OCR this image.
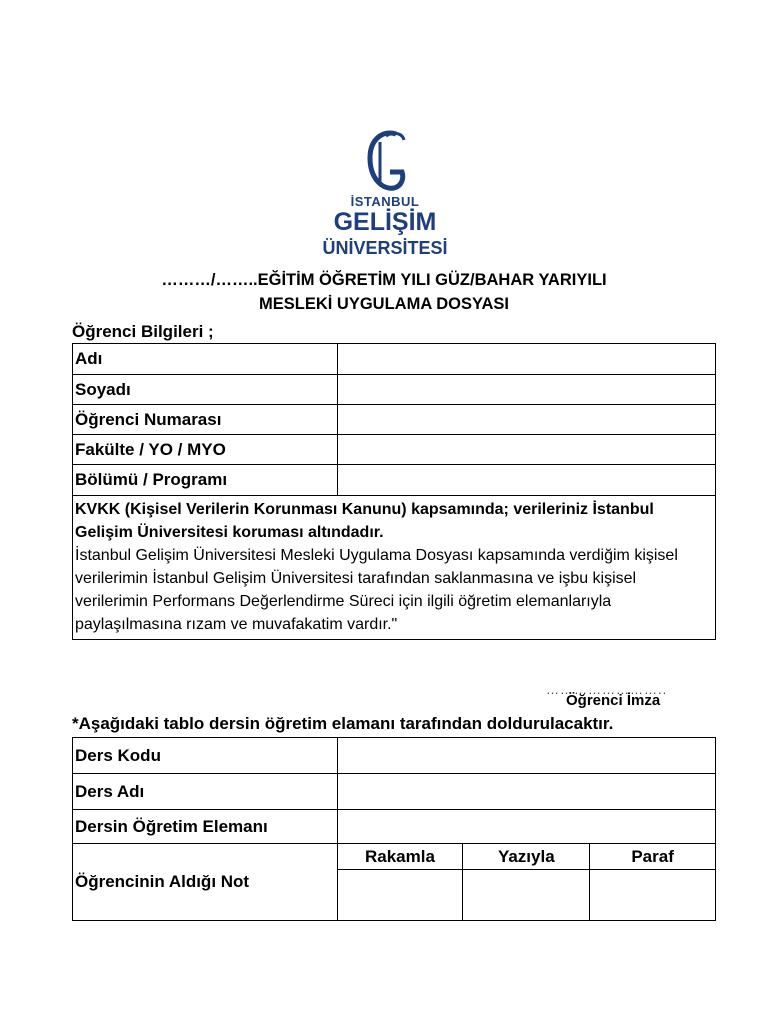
İSTANBUL
GELİŞİM
ÜNİVERSİTESİ
………/……..EĞİTİM ÖĞRETİM YILI GÜZ/BAHAR YARIYILI
MESLEKİ UYGULAMA DOSYASI
Öğrenci Bilgileri ;
Adı	
Soyadı	
Öğrenci Numarası	
Fakülte / YO / MYO	
Bölümü / Programı	
KVKK (Kişisel Verilerin Korunması Kanunu) kapsamında; verileriniz İstanbul Gelişim Üniversitesi koruması altındadır.
İstanbul Gelişim Üniversitesi Mesleki Uygulama Dosyası kapsamında verdiğim kişisel verilerimin İstanbul Gelişim Üniversitesi tarafından saklanmasına ve işbu kişisel verilerimin Performans Değerlendirme Süreci için ilgili öğretim elemanlarıyla paylaşılmasına rızam ve muvafakatim vardır."	
……………………..
Öğrenci İmza
*Aşağıdaki tablo dersin öğretim elamanı tarafından doldurulacaktır.
Ders Kodu			
Ders Adı			
Dersin Öğretim Elemanı			
Öğrencinin Aldığı Not	Rakamla	Yazıyla	Paraf
